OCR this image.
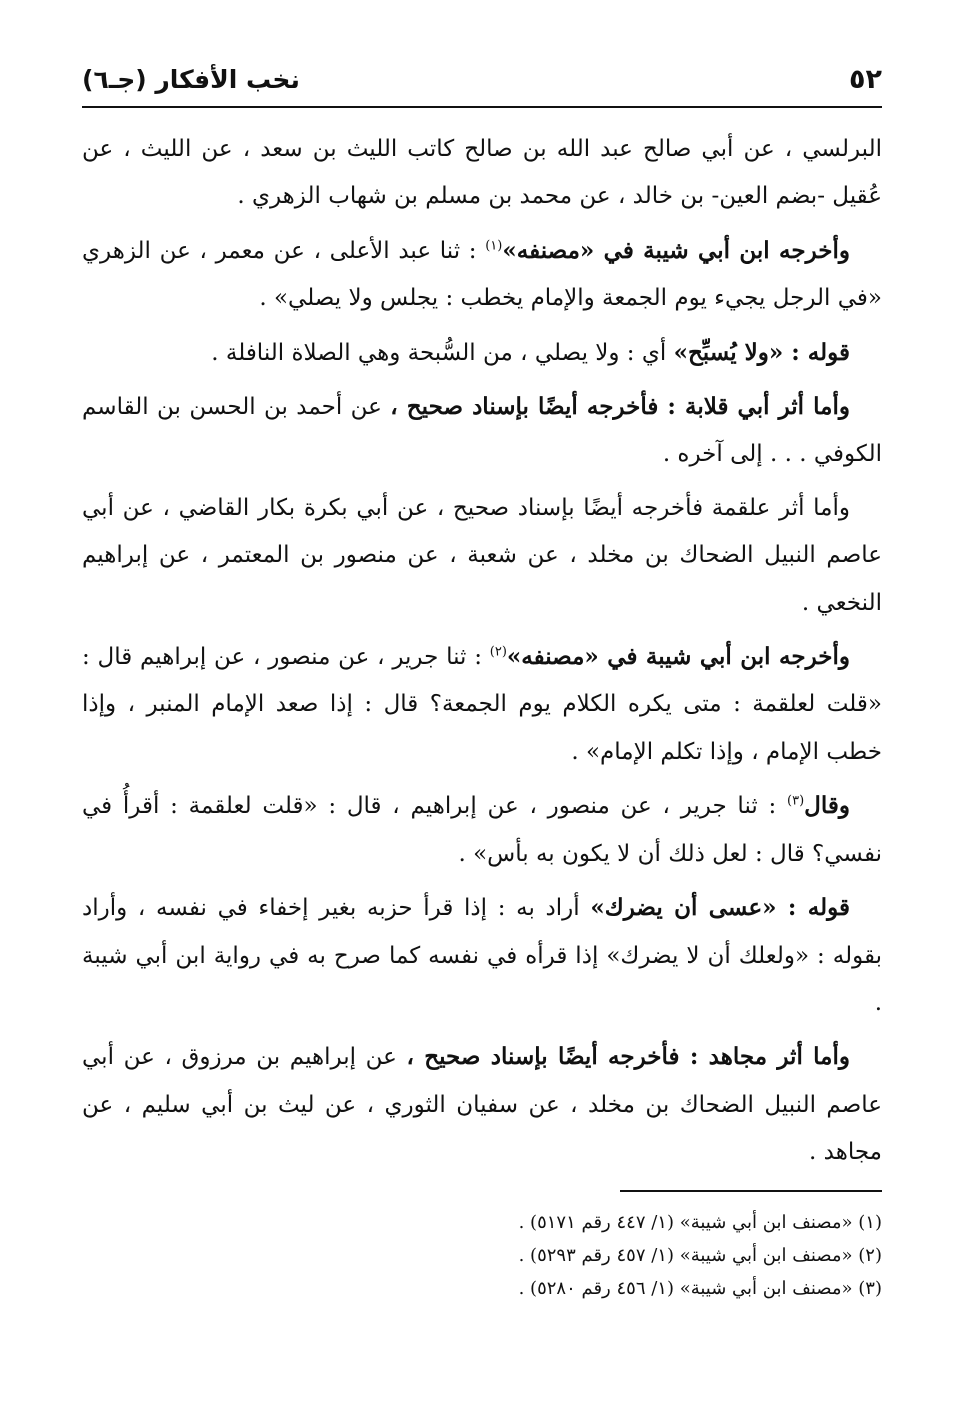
٥٢
نخب الأفكار (جـ٦)

البرلسي ، عن أبي صالح عبد الله بن صالح كاتب الليث بن سعد ، عن الليث ، عن عُقيل -بضم العين- بن خالد ، عن محمد بن مسلم بن شهاب الزهري .

وأخرجه ابن أبي شيبة في «مصنفه»$^{(١)}$ : ثنا عبد الأعلى ، عن معمر ، عن الزهري «في الرجل يجيء يوم الجمعة والإمام يخطب : يجلس ولا يصلي» .

قوله : «ولا يُسبِّح» أي : ولا يصلي ، من السُّبحة وهي الصلاة النافلة .

وأما أثر أبي قلابة : فأخرجه أيضًا بإسناد صحيح ، عن أحمد بن الحسن بن القاسم الكوفي . . . إلى آخره .

وأما أثر علقمة فأخرجه أيضًا بإسناد صحيح ، عن أبي بكرة بكار القاضي ، عن أبي عاصم النبيل الضحاك بن مخلد ، عن شعبة ، عن منصور بن المعتمر ، عن إبراهيم النخعي .

وأخرجه ابن أبي شيبة في «مصنفه»$^{(٢)}$ : ثنا جرير ، عن منصور ، عن إبراهيم قال : «قلت لعلقمة : متى يكره الكلام يوم الجمعة؟ قال : إذا صعد الإمام المنبر ، وإذا خطب الإمام ، وإذا تكلم الإمام» .

وقال$^{(٣)}$ : ثنا جرير ، عن منصور ، عن إبراهيم ، قال : «قلت لعلقمة : أقرأُ في نفسي؟ قال : لعل ذلك أن لا يكون به بأس» .

قوله : «عسى أن يضرك» أراد به : إذا قرأ حزبه بغير إخفاء في نفسه ، وأراد بقوله : «ولعلك أن لا يضرك» إذا قرأه في نفسه كما صرح به في رواية ابن أبي شيبة .

وأما أثر مجاهد : فأخرجه أيضًا بإسناد صحيح ، عن إبراهيم بن مرزوق ، عن أبي عاصم النبيل الضحاك بن مخلد ، عن سفيان الثوري ، عن ليث بن أبي سليم ، عن مجاهد .

(١) «مصنف ابن أبي شيبة» (١/ ٤٤٧ رقم ٥١٧١) .

(٢) «مصنف ابن أبي شيبة» (١/ ٤٥٧ رقم ٥٢٩٣) .

(٣) «مصنف ابن أبي شيبة» (١/ ٤٥٦ رقم ٥٢٨٠) .
